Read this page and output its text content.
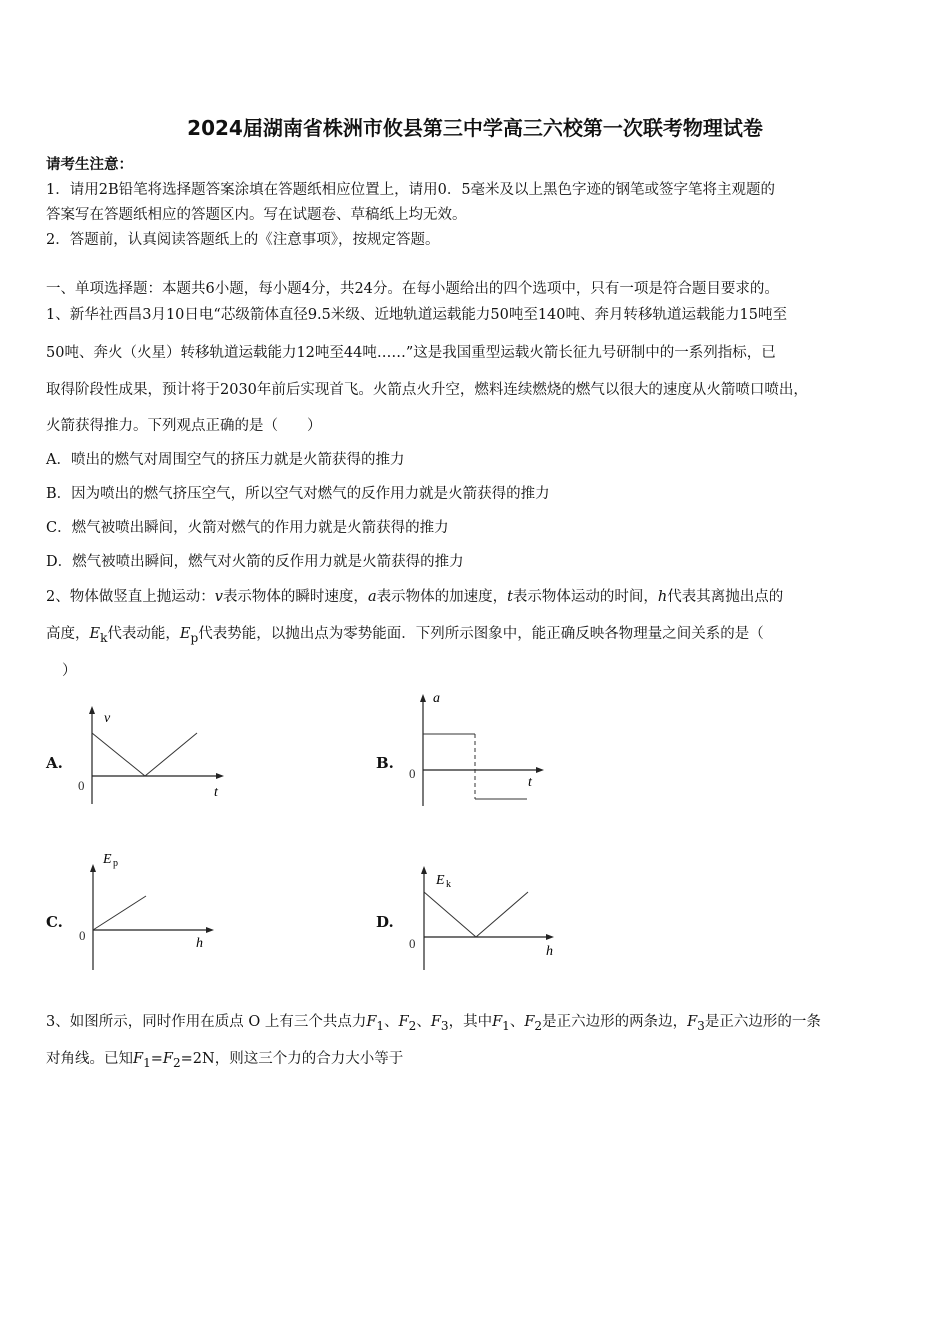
2024届湖南省株洲市攸县第三中学高三六校第一次联考物理试卷
请考生注意：
1．请用2B铅笔将选择题答案涂填在答题纸相应位置上，请用0．5毫米及以上黑色字迹的钢笔或签字笔将主观题的
答案写在答题纸相应的答题区内。写在试题卷、草稿纸上均无效。
2．答题前，认真阅读答题纸上的《注意事项》，按规定答题。
一、单项选择题：本题共6小题，每小题4分，共24分。在每小题给出的四个选项中，只有一项是符合题目要求的。
1、新华社西昌3月10日电“芯级箭体直径9.5米级、近地轨道运载能力50吨至140吨、奔月转移轨道运载能力15吨至
50吨、奔火（火星）转移轨道运载能力12吨至44吨……”这是我国重型运载火箭长征九号研制中的一系列指标，已
取得阶段性成果，预计将于2030年前后实现首飞。火箭点火升空，燃料连续燃烧的燃气以很大的速度从火箭喷口喷出，
火箭获得推力。下列观点正确的是（　　）
A．喷出的燃气对周围空气的挤压力就是火箭获得的推力
B．因为喷出的燃气挤压空气，所以空气对燃气的反作用力就是火箭获得的推力
C．燃气被喷出瞬间，火箭对燃气的作用力就是火箭获得的推力
D．燃气被喷出瞬间，燃气对火箭的反作用力就是火箭获得的推力
2、物体做竖直上抛运动：v表示物体的瞬时速度，a表示物体的加速度，t表示物体运动的时间，h代表其离抛出点的
高度，$E_k$代表动能，$E_p$代表势能，以抛出点为零势能面．下列所示图象中，能正确反映各物理量之间关系的是（
）
A.
v
t
0
B.
a
t
0
C.
E p
h
0
D.
E k
h
0
3、如图所示，同时作用在质点 O 上有三个共点力$F_1$、$F_2$、$F_3$，其中$F_1$、$F_2$是正六边形的两条边，$F_3$是正六边形的一条
对角线。已知$F_1=F_2=2N$，则这三个力的合力大小等于
